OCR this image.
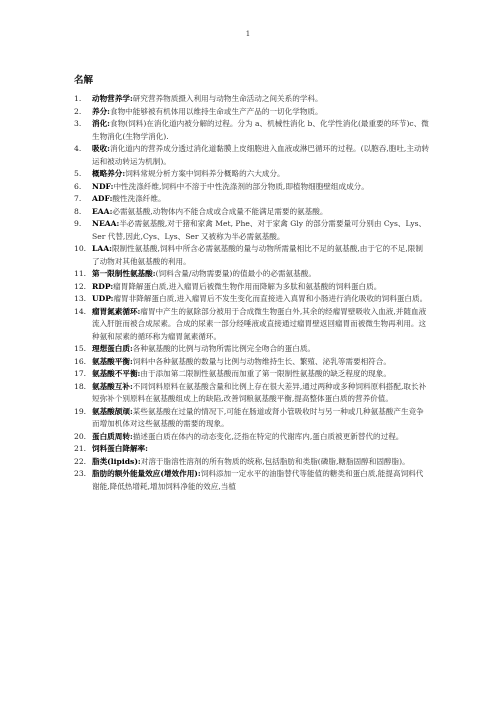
1
名解
1.	动物营养学:研究营养物质摄入利用与动物生命活动之间关系的学科。
2.	养分:食物中能够被有机体用以维持生命或生产产品的一切化学物质。
3.	消化:食物(饲料)在消化道内被分解的过程。分为 a、机械性消化 b、化学性消化(最重要的环节)c、微生物消化(生物学消化).
4.	吸收:消化道内的营养成分透过消化道黏膜上皮细胞进入血液或淋巴循环的过程。(以胞吞,胞吐,主动转运和被动转运为机制)。
5.	概略养分:饲料常规分析方案中饲料养分概略的六大成分。
6.	NDF:中性洗涤纤维,饲料中不溶于中性洗涤剂的部分物质,即植物细胞壁组成成分。
7.	ADF:酸性洗涤纤维。
8.	EAA:必需氨基酸,动物体内不能合成或合成量不能满足需要的氨基酸。
9.	NEAA:半必需氨基酸,对于猪和家禽 Met, Phe、对于家禽 Gly 的部分需要量可分别由 Cys、Lys、Ser 代替,因此,Cys、Lys、Ser 又被称为半必需氨基酸。
10. LAA:限制性氨基酸,饲料中所含必需氨基酸的量与动物所需量相比不足的氨基酸,由于它的不足,限制了动物对其他氨基酸的利用。
11. 第一限制性氨基酸:(饲料含量/动物需要量)的值最小的必需氨基酸。
12. RDP:瘤胃降解蛋白质,进入瘤胃后被微生物作用而降解为多肽和氨基酸的饲料蛋白质。
13. UDP:瘤胃非降解蛋白质,进入瘤胃后不发生变化而直接进入真胃和小肠进行消化吸收的饲料蛋白质。
14. 瘤胃氮素循环:瘤胃中产生的氨除部分被用于合成微生物蛋白外,其余的经瘤胃壁吸收入血液,并随血液流入肝脏而被合成尿素。合成的尿素一部分经唾液或直接通过瘤胃壁返回瘤胃而被微生物再利用。这种氨和尿素的循环称为瘤胃氮素循环。
15. 理想蛋白质:各种氨基酸的比例与动物所需比例完全吻合的蛋白质。
16. 氨基酸平衡:饲料中各种氨基酸的数量与比例与动物维持生长、繁殖、泌乳等需要相符合。
17. 氨基酸不平衡:由于添加第二限制性氨基酸而加重了第一限制性氨基酸的缺乏程度的现象。
18. 氨基酸互补:不同饲料原料在氨基酸含量和比例上存在很大差异,通过两种或多种饲料原料搭配,取长补短弥补个别原料在氨基酸组成上的缺陷,改善饲粮氨基酸平衡,提高整体蛋白质的营养价值。
19. 氨基酸颉颃:某些氨基酸在过量的情况下,可能在肠道或肾小管吸收时与另一种或几种氨基酸产生竞争而增加机体对这些氨基酸的需要的现象。
20. 蛋白质周转:描述蛋白质在体内的动态变化,泛指在特定的代谢库内,蛋白质被更新替代的过程。
21. 饲料蛋白降解率:
22. 脂类(lipids):对溶于脂溶性溶剂的所有物质的统称,包括脂肪和类脂(磷脂,糖脂固醇和固醇脂)。
23. 脂肪的额外能量效应(增效作用):饲料添加一定水平的油脂替代等能值的糖类和蛋白质,能提高饲料代谢能,降低热增耗,增加饲料净能的效应,当植
